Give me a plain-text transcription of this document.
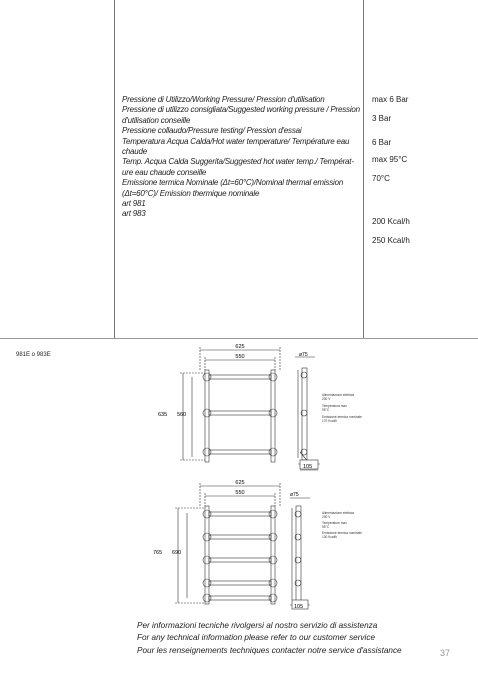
Pressione di Utilizzo/Working Pressure/ Pression d'utilisation
Pressione di utilizzo consigliata/Suggested working pressure / Pression
d'utilisation conseille
Pressione collaudo/Pressure testing/ Pression d'essai
Temperatura Acqua Calda/Hot water temperature/ Température eau
chaude
Temp. Acqua Calda Suggerita/Suggested hot water temp./ Températ-
ure eau chaude conseille
Emissione termica Nominale (Δt=60°C)/Nominal thermal emission
(Δt=60°C)/ Emission thermique nominale
art 981
art 983
max 6 Bar
3 Bar
6 Bar
max 95°C
70°C
200 Kcal/h
250 Kcal/h
981E o 983E
625
550
635 560
ø75
105
Alimentazione elettrica
230 V
Temperatura max
95°C
Emissione termica nominale
170 Kcal/h
625
550
765 690
ø75
105
Alimentazione elettrica
230 V
Temperature max
95°C
Emissione termica nominale
130 Kcal/h
Per informazioni tecniche rivolgersi al nostro servizio di assistenza
For any technical information please refer to our customer service
Pour les renseignements techniques contacter notre service d'assistance	37
